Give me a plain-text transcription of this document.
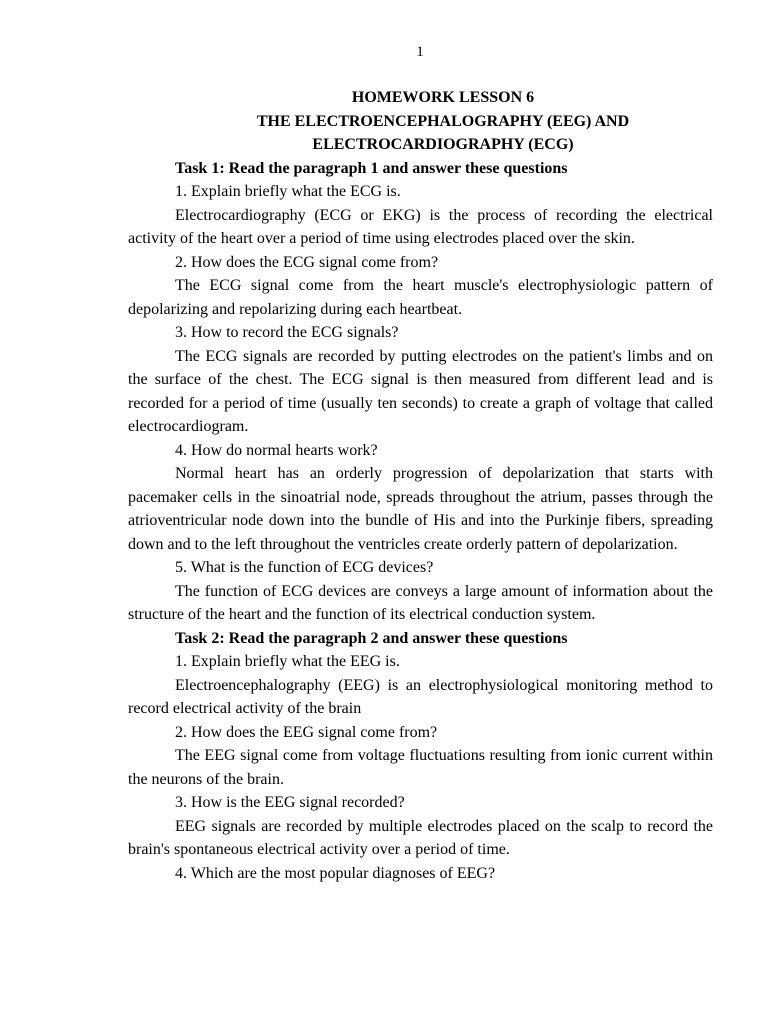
1

HOMEWORK LESSON 6

THE ELECTROENCEPHALOGRAPHY (EEG) AND

ELECTROCARDIOGRAPHY (ECG)

Task 1: Read the paragraph 1 and answer these questions

1. Explain briefly what the ECG is.

Electrocardiography (ECG or EKG) is the process of recording the electrical activity of the heart over a period of time using electrodes placed over the skin.

2. How does the ECG signal come from?

The ECG signal come from the heart muscle's electrophysiologic pattern of depolarizing and repolarizing during each heartbeat.

3. How to record the ECG signals?

The ECG signals are recorded by putting electrodes on the patient's limbs and on the surface of the chest. The ECG signal is then measured from different lead and is recorded for a period of time (usually ten seconds) to create a graph of voltage that called electrocardiogram.

4. How do normal hearts work?

Normal heart has an orderly progression of depolarization that starts with pacemaker cells in the sinoatrial node, spreads throughout the atrium, passes through the atrioventricular node down into the bundle of His and into the Purkinje fibers, spreading down and to the left throughout the ventricles create orderly pattern of depolarization.

5. What is the function of ECG devices?

The function of ECG devices are conveys a large amount of information about the structure of the heart and the function of its electrical conduction system.

Task 2: Read the paragraph 2 and answer these questions

1. Explain briefly what the EEG is.

Electroencephalography (EEG) is an electrophysiological monitoring method to record electrical activity of the brain

2. How does the EEG signal come from?

The EEG signal come from voltage fluctuations resulting from ionic current within the neurons of the brain.

3. How is the EEG signal recorded?

EEG signals are recorded by multiple electrodes placed on the scalp to record the brain's spontaneous electrical activity over a period of time.

4. Which are the most popular diagnoses of EEG?
